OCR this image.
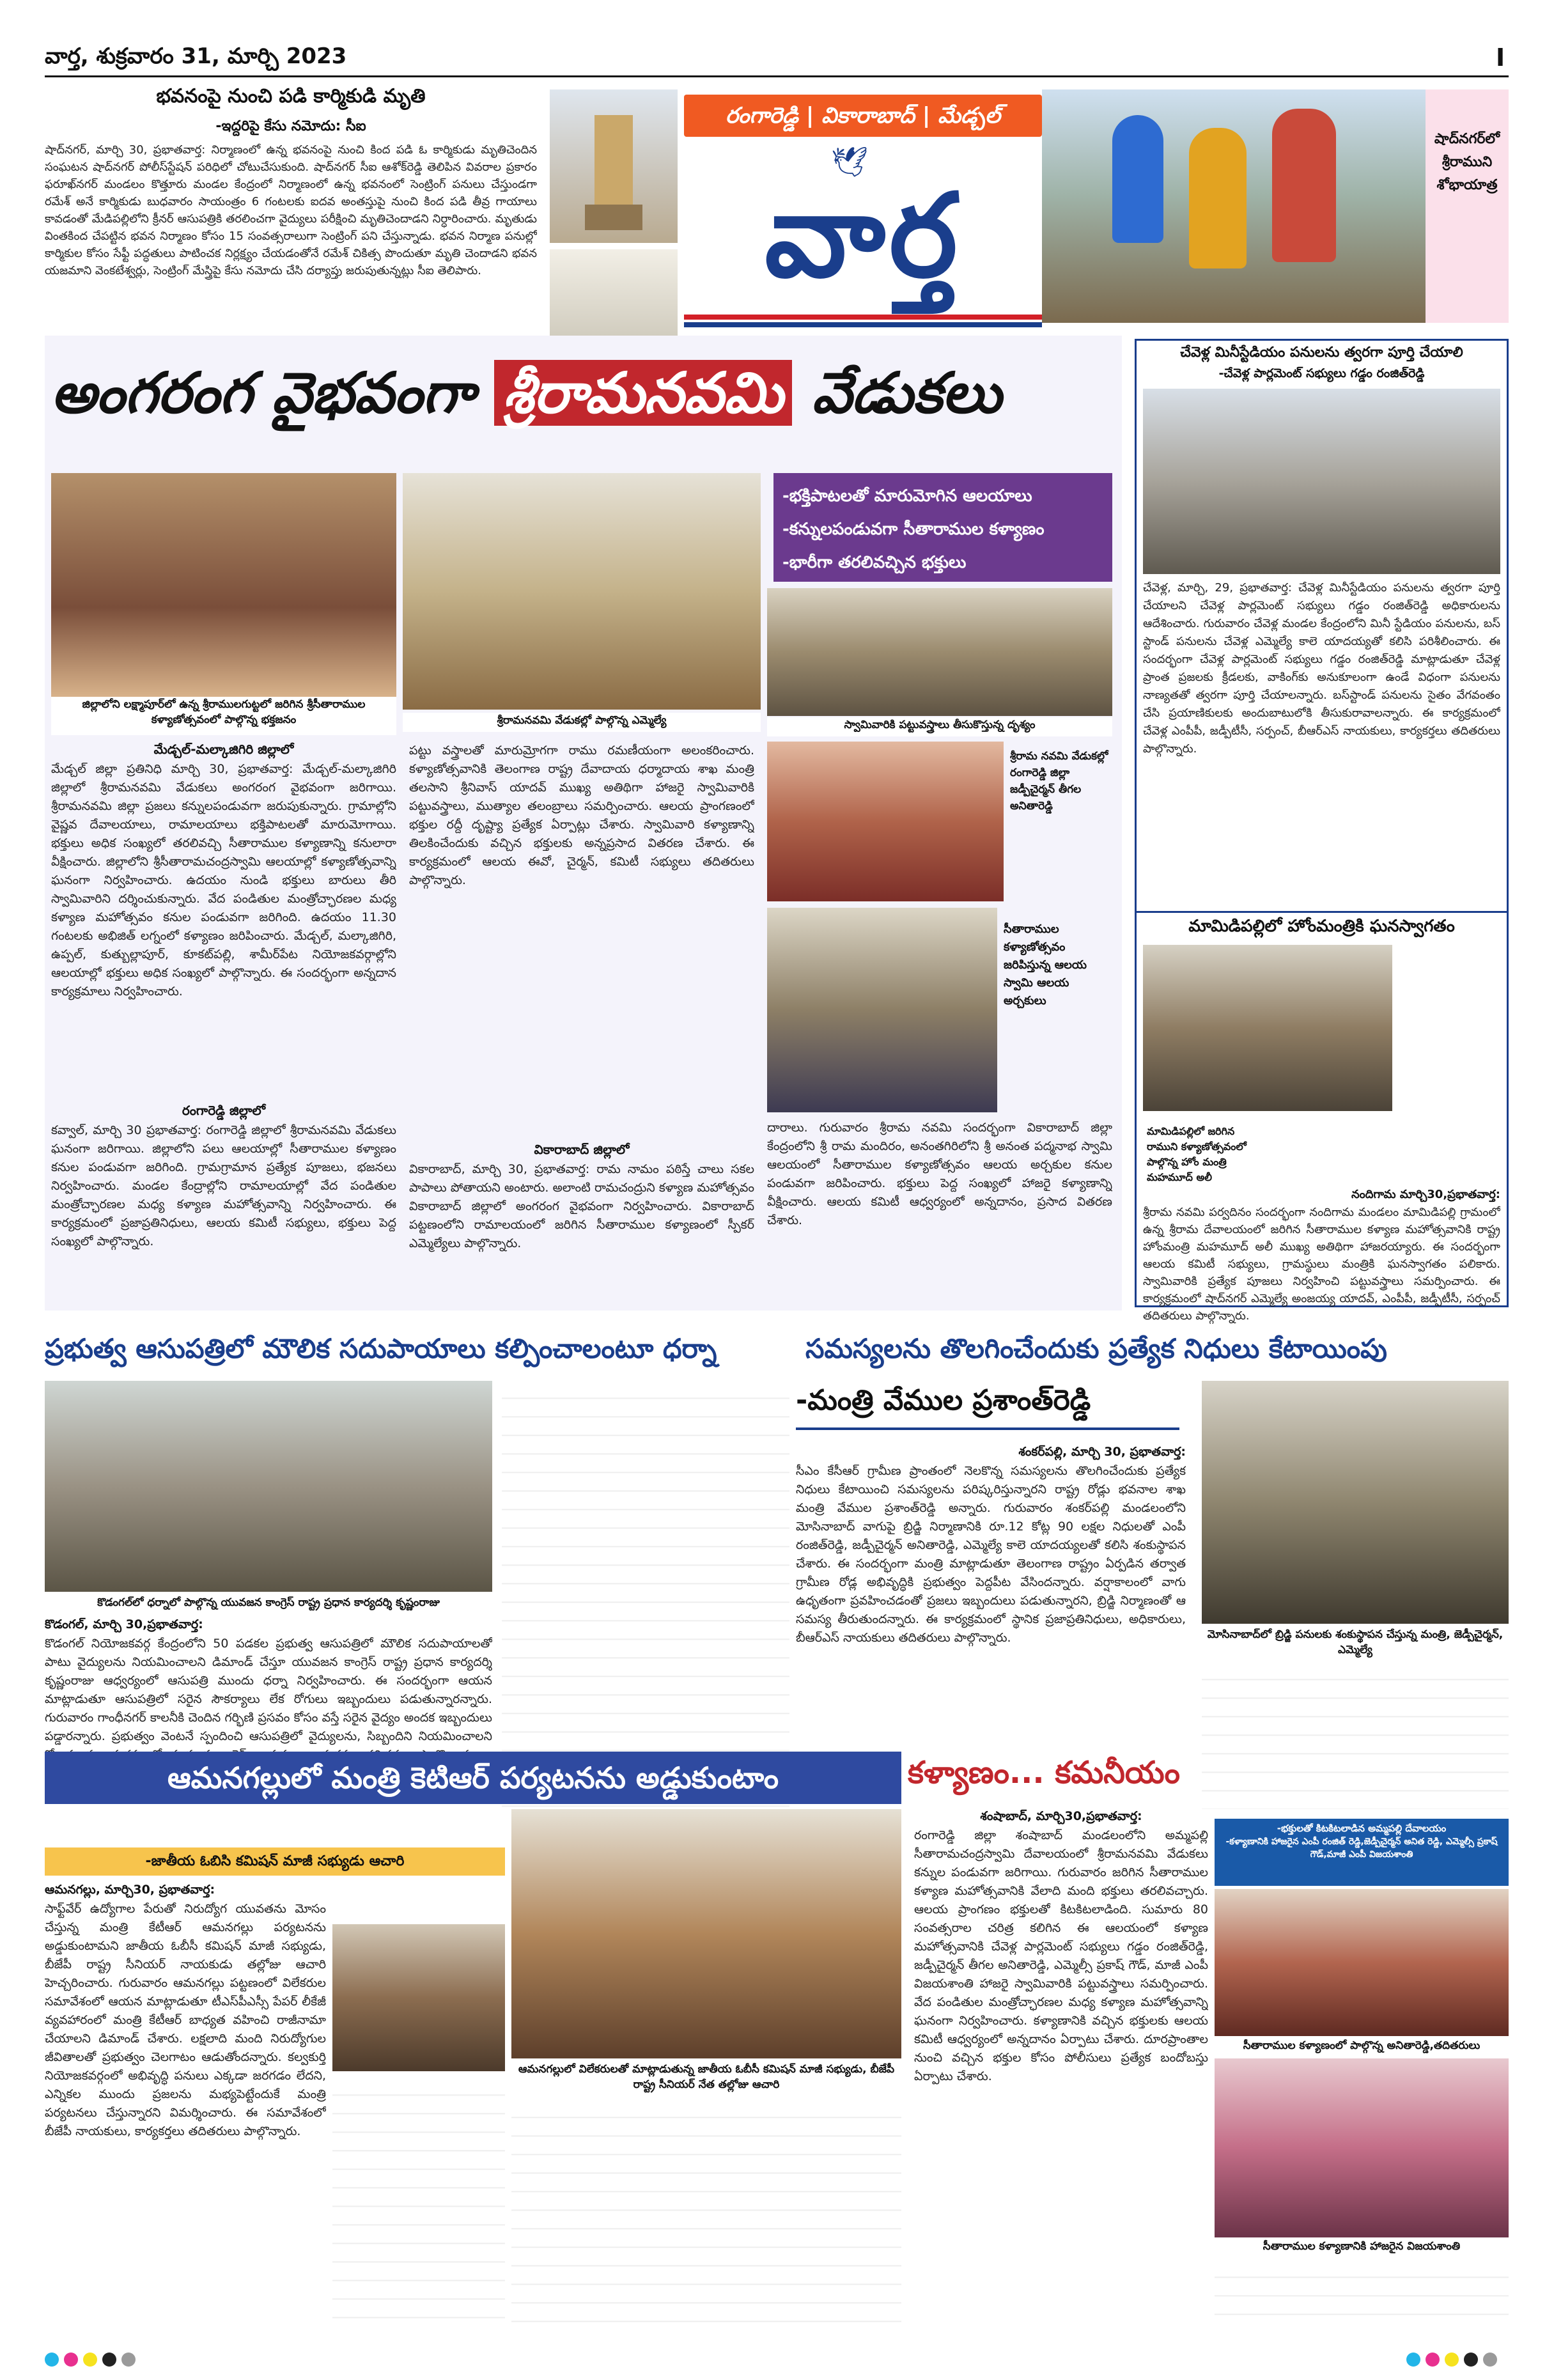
వార్త, శుక్రవారం 31, మార్చి 2023	I
భవనంపై నుంచి పడి కార్మికుడి మృతి
-ఇద్దరిపై కేసు నమోదు: సీఐ
షాద్‌నగర్, మార్చి 30, ప్రభాతవార్త: నిర్మాణంలో ఉన్న భవనంపై నుంచి కింద పడి ఓ కార్మికుడు మృతిచెందిన సంఘటన షాద్‌నగర్ పోలీస్‌స్టేషన్ పరిధిలో చోటుచేసుకుంది. షాద్‌నగర్ సీఐ ఆశోక్‌రెడ్డి తెలిపిన వివరాల ప్రకారం ఫరూఖ్‌నగర్ మండలం కొత్తూరు మండల కేంద్రంలో నిర్మాణంలో ఉన్న భవనంలో సెంట్రింగ్ పనులు చేస్తుండగా రమేశ్ అనే కార్మికుడు బుధవారం సాయంత్రం 6 గంటలకు ఐదవ అంతస్తుపై నుంచి కింద పడి తీవ్ర గాయాలు కావడంతో మేడిపల్లిలోని క్రీనర్ ఆసుపత్రికి తరలించగా వైద్యులు పరీక్షించి మృతిచెందాడని నిర్ధారించారు. మృతుడు వింతకింద చేపట్టిన భవన నిర్మాణం కోసం 15 సంవత్సరాలుగా సెంట్రింగ్ పని చేస్తున్నాడు. భవన నిర్మాణ పనుల్లో కార్మికుల కోసం సేఫ్టీ పద్ధతులు పాటించక నిర్లక్ష్యం చేయడంతోనే రమేశ్ చికిత్స పొందుతూ మృతి చెందాడని భవన యజమాని వెంకటేశ్వర్లు, సెంట్రింగ్ మేస్త్రిపై కేసు నమోదు చేసి దర్యాప్తు జరుపుతున్నట్లు సీఐ తెలిపారు.
రంగారెడ్డి | వికారాబాద్ | మేడ్చల్
🕊
వార్త
షాద్‌నగర్‌లో శ్రీరాముని శోభాయాత్ర
అంగరంగ వైభవంగా శ్రీరామనవమి వేడుకలు
జిల్లాలోని లక్ష్మాపూర్‌లో ఉన్న శ్రీరాములగుట్టలో జరిగిన శ్రీసీతారాముల కళ్యాణోత్సవంలో పాల్గొన్న భక్తజనం	శ్రీరామనవమి వేడుకల్లో పాల్గొన్న ఎమ్మెల్యే
-భక్తిపాటలతో మారుమోగిన ఆలయాలు
-కన్నులపండువగా సీతారాముల కళ్యాణం
-భారీగా తరలివచ్చిన భక్తులు
స్వామివారికి పట్టువస్త్రాలు తీసుకొస్తున్న దృశ్యం
శ్రీరామ నవమి వేడుకల్లో రంగారెడ్డి జిల్లా జడ్పీచైర్మన్ తీగల అనితారెడ్డి
సీతారాముల కళ్యాణోత్సవం జరిపిస్తున్న ఆలయ స్వామి ఆలయ అర్చకులు
మేడ్చల్-మల్కాజిగిరి జిల్లాలో
మేడ్చల్ జిల్లా ప్రతినిధి మార్చి 30, ప్రభాతవార్త: మేడ్చల్-మల్కాజిగిరి జిల్లాలో శ్రీరామనవమి వేడుకలు అంగరంగ వైభవంగా జరిగాయి. శ్రీరామనవమి జిల్లా ప్రజలు కన్నులపండువగా జరుపుకున్నారు. గ్రామాల్లోని వైష్ణవ దేవాలయాలు, రామాలయాలు భక్తిపాటలతో మారుమోగాయి. భక్తులు అధిక సంఖ్యలో తరలివచ్చి సీతారాముల కళ్యాణాన్ని కనులారా వీక్షించారు. జిల్లాలోని శ్రీసీతారామచంద్రస్వామి ఆలయాల్లో కళ్యాణోత్సవాన్ని ఘనంగా నిర్వహించారు. ఉదయం నుండి భక్తులు బారులు తీరి స్వామివారిని దర్శించుకున్నారు. వేద పండితుల మంత్రోచ్ఛారణల మధ్య కళ్యాణ మహోత్సవం కనుల పండువగా జరిగింది. ఉదయం 11.30 గంటలకు అభిజిత్ లగ్నంలో కళ్యాణం జరిపించారు. మేడ్చల్, మల్కాజిగిరి, ఉప్పల్, కుత్బుల్లాపూర్, కూకట్‌పల్లి, శామీర్‌పేట నియోజకవర్గాల్లోని ఆలయాల్లో భక్తులు అధిక సంఖ్యలో పాల్గొన్నారు. ఈ సందర్భంగా అన్నదాన కార్యక్రమాలు నిర్వహించారు.
రంగారెడ్డి జిల్లాలో
కవ్వాల్, మార్చి 30 ప్రభాతవార్త: రంగారెడ్డి జిల్లాలో శ్రీరామనవమి వేడుకలు ఘనంగా జరిగాయి. జిల్లాలోని పలు ఆలయాల్లో సీతారాముల కళ్యాణం కనుల పండువగా జరిగింది. గ్రామగ్రామాన ప్రత్యేక పూజలు, భజనలు నిర్వహించారు. మండల కేంద్రాల్లోని రామాలయాల్లో వేద పండితుల మంత్రోచ్ఛారణల మధ్య కళ్యాణ మహోత్సవాన్ని నిర్వహించారు. ఈ కార్యక్రమంలో ప్రజాప్రతినిధులు, ఆలయ కమిటీ సభ్యులు, భక్తులు పెద్ద సంఖ్యలో పాల్గొన్నారు.
పట్టు వస్త్రాలతో మారుమ్రోగగా రాము రమణీయంగా అలంకరించారు. కళ్యాణోత్సవానికి తెలంగాణ రాష్ట్ర దేవాదాయ ధర్మాదాయ శాఖ మంత్రి తలసాని శ్రీనివాస్ యాదవ్ ముఖ్య అతిథిగా హాజరై స్వామివారికి పట్టువస్త్రాలు, ముత్యాల తలంబ్రాలు సమర్పించారు. ఆలయ ప్రాంగణంలో భక్తుల రద్దీ దృష్ట్యా ప్రత్యేక ఏర్పాట్లు చేశారు. స్వామివారి కళ్యాణాన్ని తిలకించేందుకు వచ్చిన భక్తులకు అన్నప్రసాద వితరణ చేశారు. ఈ కార్యక్రమంలో ఆలయ ఈవో, చైర్మన్, కమిటీ సభ్యులు తదితరులు పాల్గొన్నారు.
వికారాబాద్ జిల్లాలో
వికారాబాద్, మార్చి 30, ప్రభాతవార్త: రామ నామం పఠిస్తే చాలు సకల పాపాలు పోతాయని అంటారు. అలాంటి రామచంద్రుని కళ్యాణ మహోత్సవం వికారాబాద్ జిల్లాలో అంగరంగ వైభవంగా నిర్వహించారు. వికారాబాద్ పట్టణంలోని రామాలయంలో జరిగిన సీతారాముల కళ్యాణంలో స్పీకర్ ఎమ్మెల్యేలు పాల్గొన్నారు.
దారాలు. గురువారం శ్రీరామ నవమి సందర్భంగా వికారాబాద్ జిల్లా కేంద్రంలోని శ్రీ రామ మందిరం, అనంతగిరిలోని శ్రీ అనంత పద్మనాభ స్వామి ఆలయంలో సీతారాముల కళ్యాణోత్సవం ఆలయ అర్చకుల కనుల పండువగా జరిపించారు. భక్తులు పెద్ద సంఖ్యలో హాజరై కళ్యాణాన్ని వీక్షించారు. ఆలయ కమిటీ ఆధ్వర్యంలో అన్నదానం, ప్రసాద వితరణ చేశారు.
చేవెళ్ల మినీస్టేడియం పనులను త్వరగా పూర్తి చేయాలి
-చేవెళ్ల పార్లమెంట్ సభ్యులు గడ్డం రంజిత్‌రెడ్డి
చేవెళ్ల, మార్చి, 29, ప్రభాతవార్త: చేవెళ్ల మినీస్టేడియం పనులను త్వరగా పూర్తి చేయాలని చేవెళ్ల పార్లమెంట్ సభ్యులు గడ్డం రంజిత్‌రెడ్డి అధికారులను ఆదేశించారు. గురువారం చేవెళ్ల మండల కేంద్రంలోని మినీ స్టేడియం పనులను, బస్ స్టాండ్ పనులను చేవెళ్ల ఎమ్మెల్యే కాలె యాదయ్యతో కలిసి పరిశీలించారు. ఈ సందర్భంగా చేవెళ్ల పార్లమెంట్ సభ్యులు గడ్డం రంజిత్‌రెడ్డి మాట్లాడుతూ చేవెళ్ల ప్రాంత ప్రజలకు క్రీడలకు, వాకింగ్‌కు అనుకూలంగా ఉండే విధంగా పనులను నాణ్యతతో త్వరగా పూర్తి చేయాలన్నారు. బస్‌స్టాండ్ పనులను సైతం వేగవంతం చేసి ప్రయాణికులకు అందుబాటులోకి తీసుకురావాలన్నారు. ఈ కార్యక్రమంలో చేవెళ్ల ఎంపీపీ, జడ్పీటీసీ, సర్పంచ్, బీఆర్ఎస్ నాయకులు, కార్యకర్తలు తదితరులు పాల్గొన్నారు.
మామిడిపల్లిలో హోంమంత్రికి ఘనస్వాగతం
మామిడిపల్లిలో జరిగిన రాముని కళ్యాణోత్సవంలో పాల్గొన్న హోం మంత్రి మహమూద్ అలీ
నందిగామ మార్చి30,ప్రభాతవార్త:
శ్రీరామ నవమి పర్వదినం సందర్భంగా నందిగామ మండలం మామిడిపల్లి గ్రామంలో ఉన్న శ్రీరామ దేవాలయంలో జరిగిన సీతారాముల కళ్యాణ మహోత్సవానికి రాష్ట్ర హోంమంత్రి మహమూద్ అలీ ముఖ్య అతిథిగా హాజరయ్యారు. ఈ సందర్భంగా ఆలయ కమిటీ సభ్యులు, గ్రామస్థులు మంత్రికి ఘనస్వాగతం పలికారు. స్వామివారికి ప్రత్యేక పూజలు నిర్వహించి పట్టువస్త్రాలు సమర్పించారు. ఈ కార్యక్రమంలో షాద్‌నగర్ ఎమ్మెల్యే అంజయ్య యాదవ్, ఎంపీపీ, జడ్పీటీసీ, సర్పంచ్ తదితరులు పాల్గొన్నారు.
ప్రభుత్వ ఆసుపత్రిలో మౌలిక సదుపాయాలు కల్పించాలంటూ ధర్నా
కొడంగల్‌లో ధర్నాలో పాల్గొన్న యువజన కాంగ్రెస్ రాష్ట్ర ప్రధాన కార్యదర్శి కృష్ణంరాజు
కొడంగల్, మార్చి 30,ప్రభాతవార్త:
కొడంగల్ నియోజకవర్గ కేంద్రంలోని 50 పడకల ప్రభుత్వ ఆసుపత్రిలో మౌలిక సదుపాయాలతో పాటు వైద్యులను నియమించాలని డిమాండ్ చేస్తూ యువజన కాంగ్రెస్ రాష్ట్ర ప్రధాన కార్యదర్శి కృష్ణంరాజు ఆధ్వర్యంలో ఆసుపత్రి ముందు ధర్నా నిర్వహించారు. ఈ సందర్భంగా ఆయన మాట్లాడుతూ ఆసుపత్రిలో సరైన సౌకర్యాలు లేక రోగులు ఇబ్బందులు పడుతున్నారన్నారు. గురువారం గాంధీనగర్ కాలనీకి చెందిన గర్భిణి ప్రసవం కోసం వస్తే సరైన వైద్యం అందక ఇబ్బందులు పడ్డారన్నారు. ప్రభుత్వం వెంటనే స్పందించి ఆసుపత్రిలో వైద్యులను, సిబ్బందిని నియమించాలని
సమస్యలను తొలగించేందుకు ప్రత్యేక నిధులు కేటాయింపు
-మంత్రి వేముల ప్రశాంత్‌రెడ్డి
శంకర్‌పల్లి, మార్చి 30, ప్రభాతవార్త:
సీఎం కేసీఆర్ గ్రామీణ ప్రాంతంలో నెలకొన్న సమస్యలను తొలగించేందుకు ప్రత్యేక నిధులు కేటాయించి సమస్యలను పరిష్కరిస్తున్నారని రాష్ట్ర రోడ్లు భవనాల శాఖ మంత్రి వేముల ప్రశాంత్‌రెడ్డి అన్నారు. గురువారం శంకర్‌పల్లి మండలంలోని మోసినాబాద్ వాగుపై బ్రిడ్జి నిర్మాణానికి రూ.12 కోట్ల 90 లక్షల నిధులతో ఎంపీ రంజిత్‌రెడ్డి, జడ్పీచైర్మన్ అనితారెడ్డి, ఎమ్మెల్యే కాలె యాదయ్యలతో కలిసి శంకుస్థాపన చేశారు. ఈ సందర్భంగా మంత్రి మాట్లాడుతూ తెలంగాణ రాష్ట్రం ఏర్పడిన తర్వాత గ్రామీణ రోడ్ల అభివృద్ధికి ప్రభుత్వం పెద్దపీట వేసిందన్నారు. వర్షాకాలంలో వాగు ఉధృతంగా ప్రవహించడంతో ప్రజలు ఇబ్బందులు పడుతున్నారని, బ్రిడ్జి నిర్మాణంతో ఆ సమస్య తీరుతుందన్నారు. ఈ కార్యక్రమంలో స్థానిక ప్రజాప్రతినిధులు, అధికారులు, బీఆర్ఎస్ నాయకులు తదితరులు పాల్గొన్నారు.	మోసినాబాద్‌లో బ్రిడ్జి పనులకు శంకుస్థాపన చేస్తున్న మంత్రి, జెడ్పీచైర్మన్, ఎమ్మెల్యే
ఆమనగల్లులో మంత్రి కెటిఆర్ పర్యటనను అడ్డుకుంటాం
-జాతీయ ఓబిసి కమిషన్ మాజీ సభ్యుడు ఆచారి
ఆమనగల్లులో విలేకరులతో మాట్లాడుతున్న జాతీయ ఓబీసీ కమిషన్ మాజీ సభ్యుడు, బీజేపీ రాష్ట్ర సీనియర్ నేత తల్లోజు ఆచారి
ఆమనగల్లు, మార్చి30, ప్రభాతవార్త:
సాఫ్ట్‌వేర్ ఉద్యోగాల పేరుతో నిరుద్యోగ యువతను మోసం చేస్తున్న మంత్రి కేటీఆర్ ఆమనగల్లు పర్యటనను అడ్డుకుంటామని జాతీయ ఓబీసీ కమిషన్ మాజీ సభ్యుడు, బీజేపీ రాష్ట్ర సీనియర్ నాయకుడు తల్లోజు ఆచారి హెచ్చరించారు. గురువారం ఆమనగల్లు పట్టణంలో విలేకరుల సమావేశంలో ఆయన మాట్లాడుతూ టీఎస్‌పీఎస్సీ పేపర్ లీకేజీ వ్యవహారంలో మంత్రి కేటీఆర్ బాధ్యత వహించి రాజీనామా చేయాలని డిమాండ్ చేశారు. లక్షలాది మంది నిరుద్యోగుల జీవితాలతో ప్రభుత్వం చెలగాటం ఆడుతోందన్నారు. కల్వకుర్తి నియోజకవర్గంలో అభివృద్ధి పనులు ఎక్కడా జరగడం లేదని, ఎన్నికల ముందు ప్రజలను మభ్యపెట్టేందుకే మంత్రి పర్యటనలు చేస్తున్నారని విమర్శించారు. ఈ సమావేశంలో బీజేపీ నాయకులు, కార్యకర్తలు తదితరులు పాల్గొన్నారు.
కళ్యాణం... కమనీయం
-భక్తులతో కిటకిటలాడిన అమ్మపల్లి దేవాలయం
-కళ్యాణానికి హాజరైన ఎంపీ రంజిత్ రెడ్డి,జెడ్పీచైర్మన్ అనిత రెడ్డి, ఎమ్మెల్సీ ప్రకాష్ గౌడ్,మాజీ ఎంపీ విజయశాంతి
శంషాబాద్, మార్చి30,ప్రభాతవార్త:
రంగారెడ్డి జిల్లా శంషాబాద్ మండలంలోని అమ్మపల్లి సీతారామచంద్రస్వామి దేవాలయంలో శ్రీరామనవమి వేడుకలు కన్నుల పండువగా జరిగాయి. గురువారం జరిగిన సీతారాముల కళ్యాణ మహోత్సవానికి వేలాది మంది భక్తులు తరలివచ్చారు. ఆలయ ప్రాంగణం భక్తులతో కిటకిటలాడింది. సుమారు 80 సంవత్సరాల చరిత్ర కలిగిన ఈ ఆలయంలో కళ్యాణ మహోత్సవానికి చేవెళ్ల పార్లమెంట్ సభ్యులు గడ్డం రంజిత్‌రెడ్డి, జడ్పీచైర్మన్ తీగల అనితారెడ్డి, ఎమ్మెల్సీ ప్రకాష్ గౌడ్, మాజీ ఎంపీ విజయశాంతి హాజరై స్వామివారికి పట్టువస్త్రాలు సమర్పించారు. వేద పండితుల మంత్రోచ్ఛారణల మధ్య కళ్యాణ మహోత్సవాన్ని ఘనంగా నిర్వహించారు. కళ్యాణానికి వచ్చిన భక్తులకు ఆలయ కమిటీ ఆధ్వర్యంలో అన్నదానం ఏర్పాటు చేశారు. దూరప్రాంతాల నుంచి వచ్చిన భక్తుల కోసం పోలీసులు ప్రత్యేక బందోబస్తు ఏర్పాటు చేశారు.
సీతారాముల కళ్యాణంలో పాల్గొన్న అనితారెడ్డి,తదితరులు
సీతారాముల కళ్యాణానికి హాజరైన విజయశాంతి
